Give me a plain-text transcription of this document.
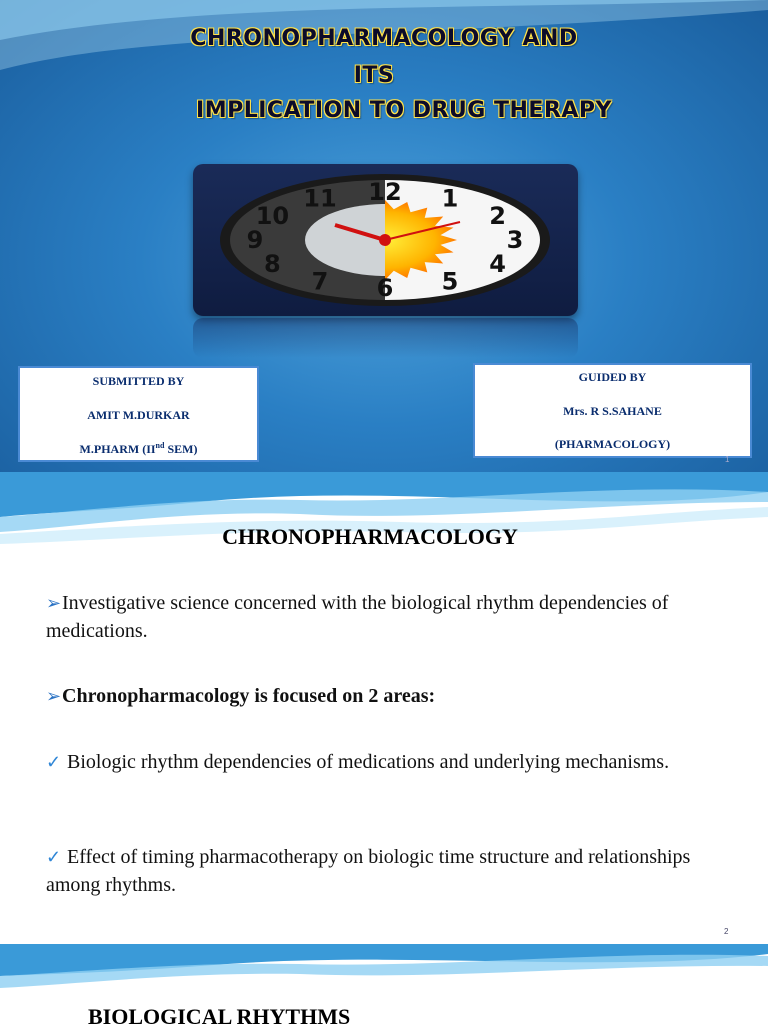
CHRONOPHARMACOLOGY AND
ITS
IMPLICATION TO DRUG THERAPY
12 1
2
3
4
5
6
7
8
9
10
11
SUBMITTED BY
AMIT M.DURKAR
M.PHARM (IInd SEM)
GUIDED BY
Mrs. R S.SAHANE
(PHARMACOLOGY)
1
CHRONOPHARMACOLOGY
➢Investigative science concerned with the biological rhythm dependencies of medications.
➢Chronopharmacology is focused on 2 areas:
✓ Biologic rhythm dependencies of medications and underlying mechanisms.
✓ Effect of timing pharmacotherapy on biologic time structure and relationships among rhythms.
2
BIOLOGICAL RHYTHMS
